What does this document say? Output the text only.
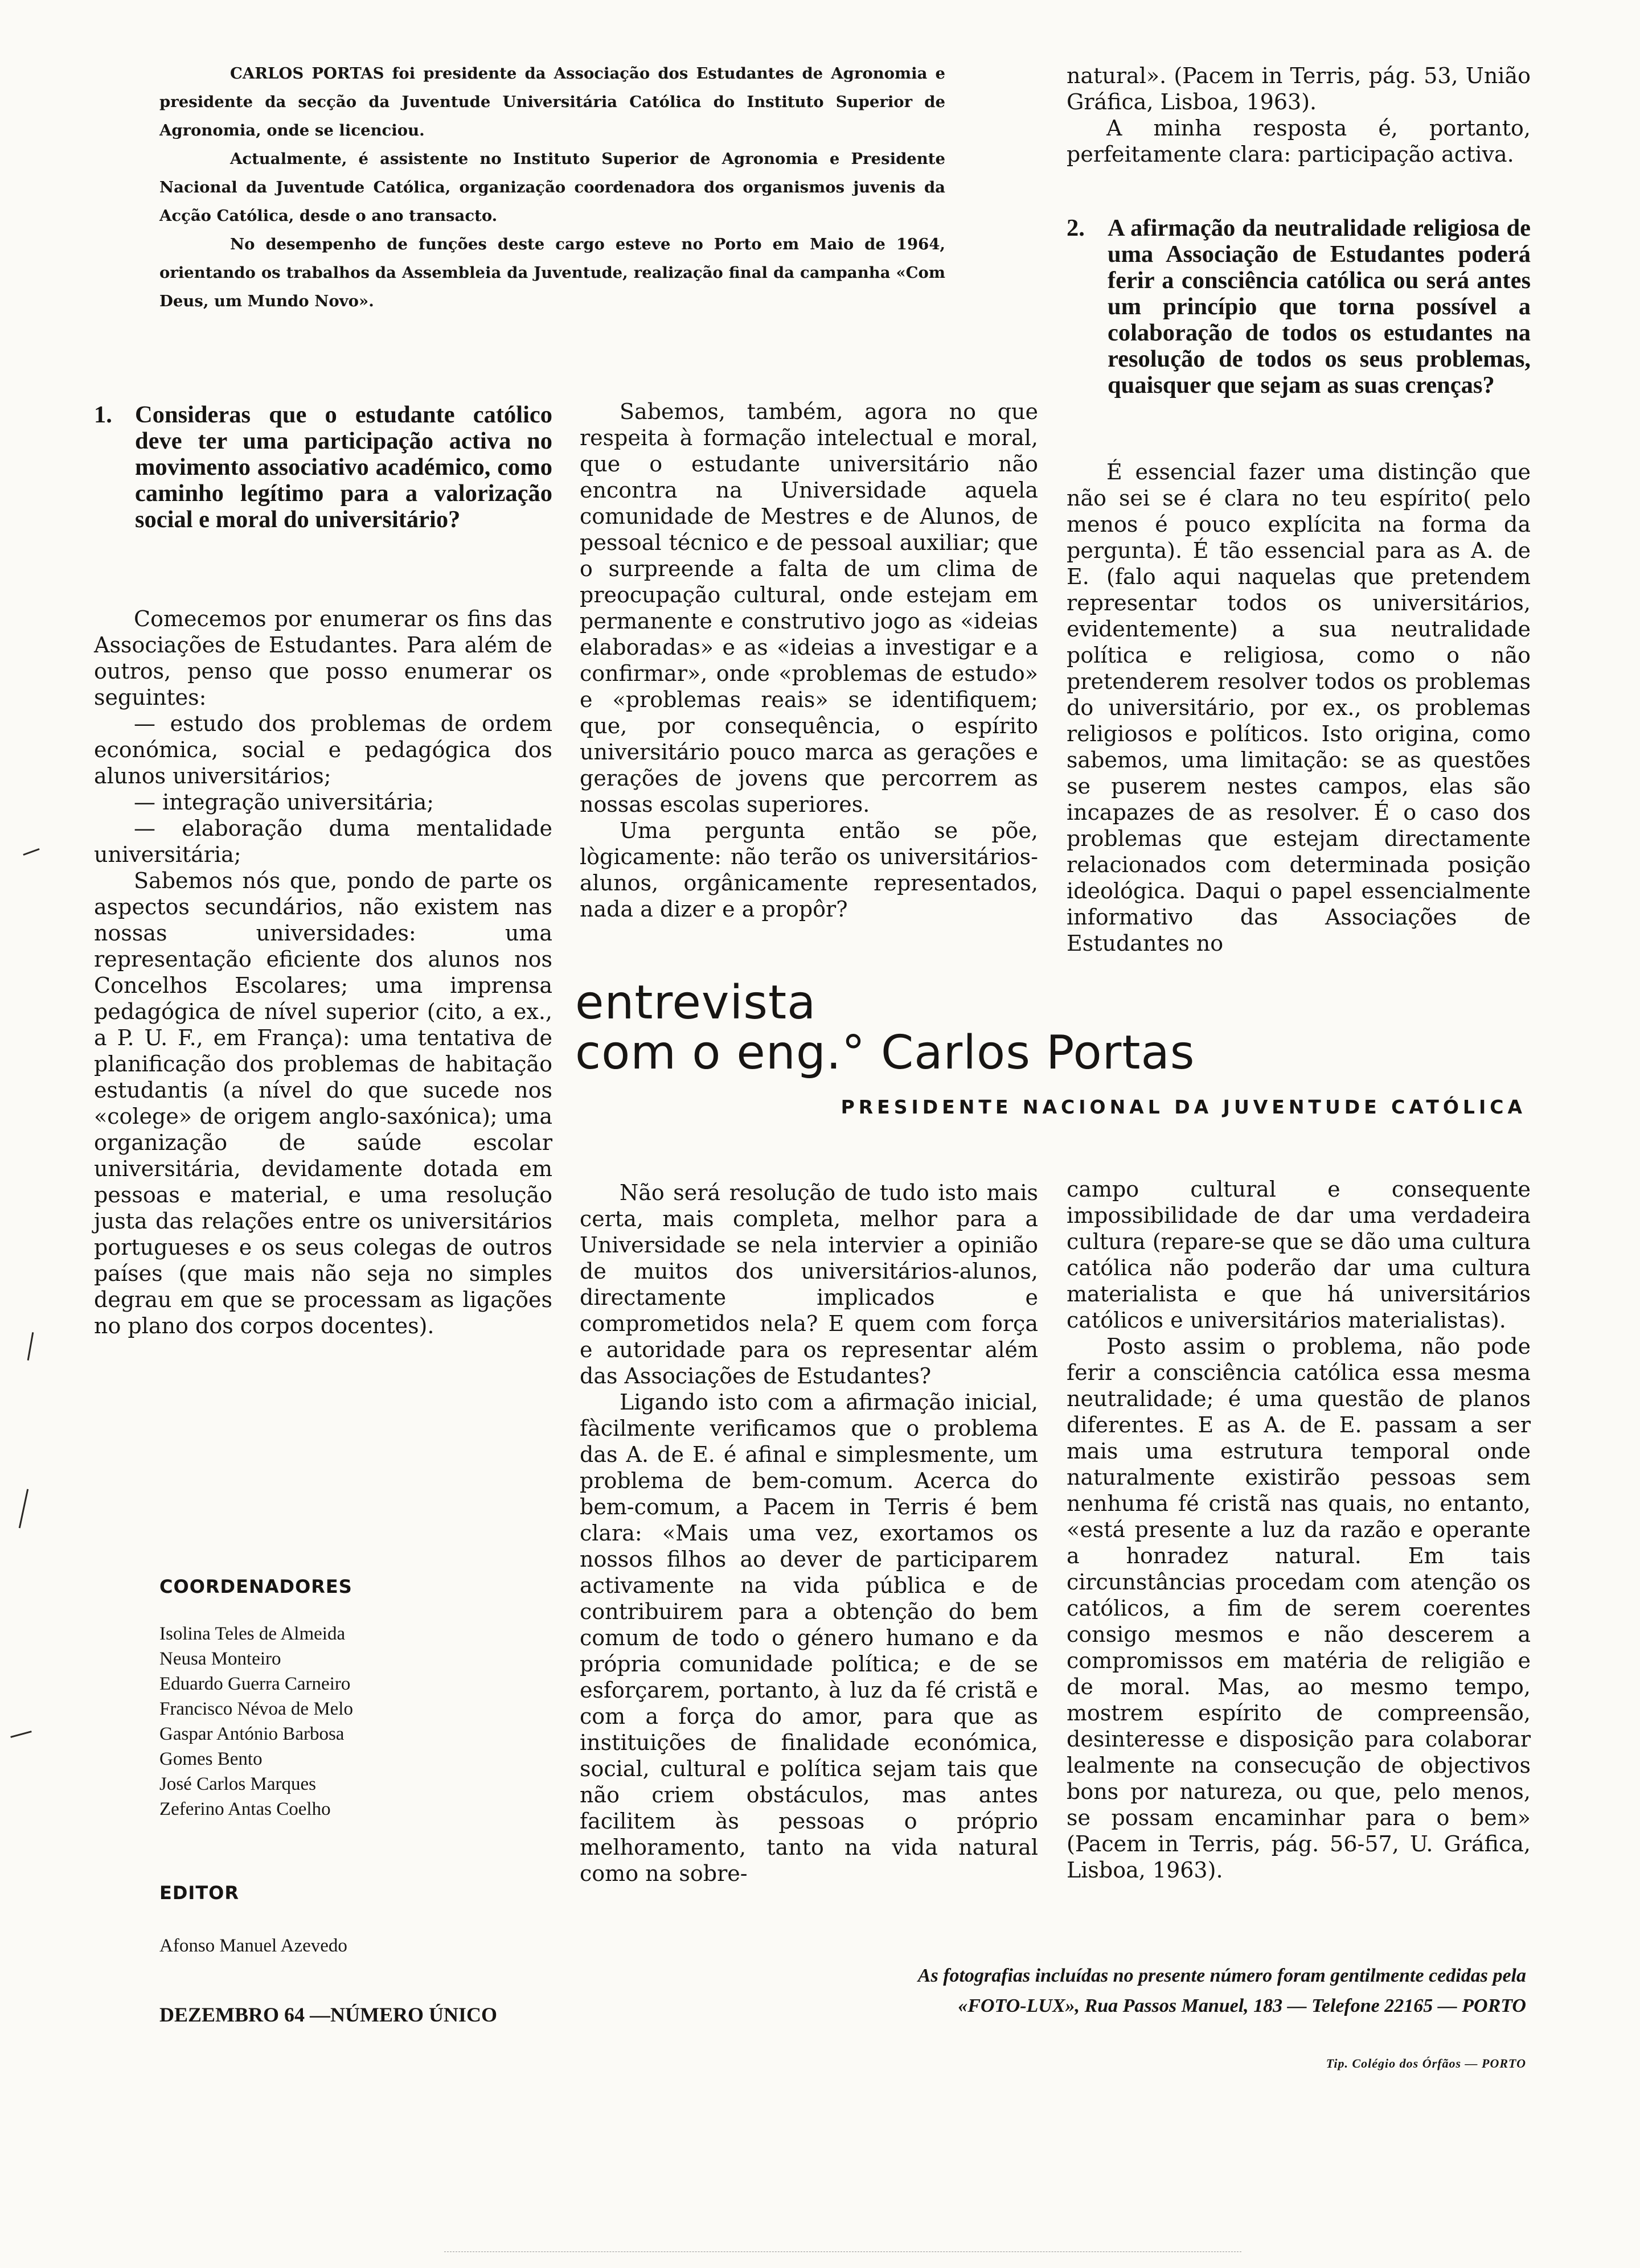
CARLOS PORTAS foi presidente da Associação dos Estudantes de Agronomia e presidente da secção da Juventude Universitária Católica do Instituto Superior de Agronomia, onde se licenciou.

Actualmente, é assistente no Instituto Superior de Agronomia e Presidente Nacional da Juventude Católica, organização coordenadora dos organismos juvenis da Acção Católica, desde o ano transacto.

No desempenho de funções deste cargo esteve no Porto em Maio de 1964, orientando os trabalhos da Assembleia da Juventude, realização final da campanha «Com Deus, um Mundo Novo».

natural». (Pacem in Terris, pág. 53, União Gráfica, Lisboa, 1963).

A minha resposta é, portanto, perfeitamente clara: participação activa.

2. A afirmação da neutralidade religiosa de uma Associação de Estudantes poderá ferir a consciência católica ou será antes um princípio que torna possível a colaboração de todos os estudantes na resolução de todos os seus problemas, quaisquer que sejam as suas crenças?
1. Consideras que o estudante católico deve ter uma participação activa no movimento associativo académico, como caminho legítimo para a valorização social e moral do universitário?

Comecemos por enumerar os fins das Associações de Estudantes. Para além de outros, penso que posso enumerar os seguintes:

— estudo dos problemas de ordem económica, social e pedagógica dos alunos universitários;

— integração universitária;

— elaboração duma mentalidade universitária;

Sabemos nós que, pondo de parte os aspectos secundários, não existem nas nossas universidades: uma representação eficiente dos alunos nos Concelhos Escolares; uma imprensa pedagógica de nível superior (cito, a ex., a P. U. F., em França): uma tentativa de planificação dos problemas de habitação estudantis (a nível do que sucede nos «colege» de origem anglo-saxónica); uma organização de saúde escolar universitária, devidamente dotada em pessoas e material, e uma resolução justa das relações entre os universitários portugueses e os seus colegas de outros países (que mais não seja no simples degrau em que se processam as ligações no plano dos corpos docentes).

Sabemos, também, agora no que respeita à formação intelectual e moral, que o estudante universitário não encontra na Universidade aquela comunidade de Mestres e de Alunos, de pessoal técnico e de pessoal auxiliar; que o surpreende a falta de um clima de preocupação cultural, onde estejam em permanente e construtivo jogo as «ideias elaboradas» e as «ideias a investigar e a confirmar», onde «problemas de estudo» e «problemas reais» se identifiquem; que, por consequência, o espírito universitário pouco marca as gerações e gerações de jovens que percorrem as nossas escolas superiores.

Uma pergunta então se põe, lògicamente: não terão os universitários-alunos, orgânicamente representados, nada a dizer e a propôr?

É essencial fazer uma distinção que não sei se é clara no teu espírito( pelo menos é pouco explícita na forma da pergunta). É tão essencial para as A. de E. (falo aqui naquelas que pretendem representar todos os universitários, evidentemente) a sua neutralidade política e religiosa, como o não pretenderem resolver todos os problemas do universitário, por ex., os problemas religiosos e políticos. Isto origina, como sabemos, uma limitação: se as questões se puserem nestes campos, elas são incapazes de as resolver. É o caso dos problemas que estejam directamente relacionados com determinada posição ideológica. Daqui o papel essencialmente informativo das Associações de Estudantes no

entrevista
com o eng.° Carlos Portas
PRESIDENTE NACIONAL DA JUVENTUDE CATÓLICA

Não será resolução de tudo isto mais certa, mais completa, melhor para a Universidade se nela intervier a opinião de muitos dos universitários-alunos, directamente implicados e comprometidos nela? E quem com força e autoridade para os representar além das Associações de Estudantes?

Ligando isto com a afirmação inicial, fàcilmente verificamos que o problema das A. de E. é afinal e simplesmente, um problema de bem-comum. Acerca do bem-comum, a Pacem in Terris é bem clara: «Mais uma vez, exortamos os nossos filhos ao dever de participarem activamente na vida pública e de contribuirem para a obtenção do bem comum de todo o género humano e da própria comunidade política; e de se esforçarem, portanto, à luz da fé cristã e com a força do amor, para que as instituições de finalidade económica, social, cultural e política sejam tais que não criem obstáculos, mas antes facilitem às pessoas o próprio melhoramento, tanto na vida natural como na sobre-

campo cultural e consequente impossibilidade de dar uma verdadeira cultura (repare-se que se dão uma cultura católica não poderão dar uma cultura materialista e que há universitários católicos e universitários materialistas).

Posto assim o problema, não pode ferir a consciência católica essa mesma neutralidade; é uma questão de planos diferentes. E as A. de E. passam a ser mais uma estrutura temporal onde naturalmente existirão pessoas sem nenhuma fé cristã nas quais, no entanto, «está presente a luz da razão e operante a honradez natural. Em tais circunstâncias procedam com atenção os católicos, a fim de serem coerentes consigo mesmos e não descerem a compromissos em matéria de religião e de moral. Mas, ao mesmo tempo, mostrem espírito de compreensão, desinteresse e disposição para colaborar lealmente na consecução de objectivos bons por natureza, ou que, pelo menos, se possam encaminhar para o bem» (Pacem in Terris, pág. 56-57, U. Gráfica, Lisboa, 1963).

COORDENADORES
Isolina Teles de Almeida
Neusa Monteiro
Eduardo Guerra Carneiro
Francisco Névoa de Melo
Gaspar António Barbosa
Gomes Bento
José Carlos Marques
Zeferino Antas Coelho
EDITOR
Afonso Manuel Azevedo
DEZEMBRO 64 —NÚMERO ÚNICO
As fotografias incluídas no presente número foram gentilmente cedidas pela
«FOTO-LUX», Rua Passos Manuel, 183 — Telefone 22165 — PORTO
Tip. Colégio dos Órfãos — PORTO
